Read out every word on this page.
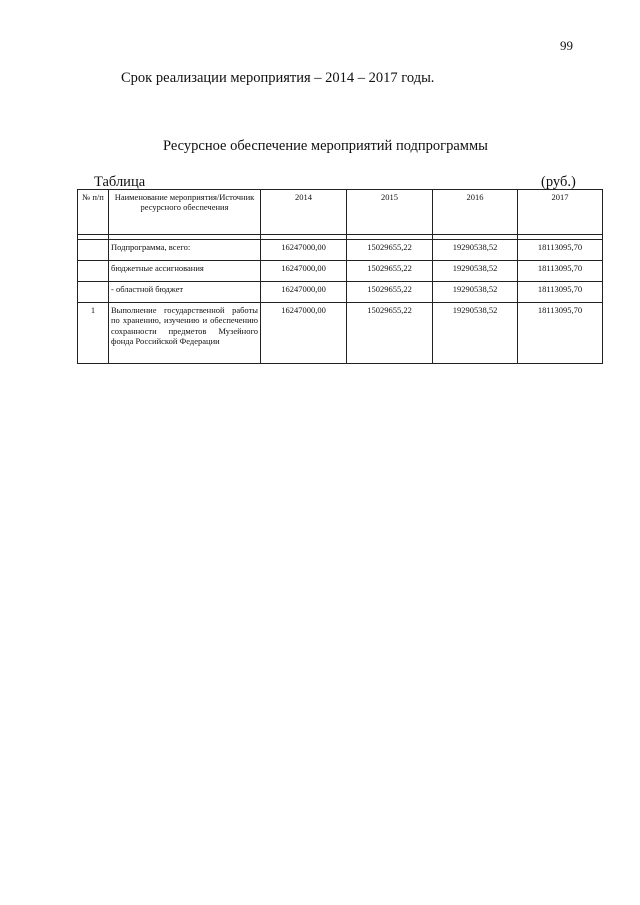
99
Срок реализации мероприятия – 2014 – 2017 годы.
Ресурсное обеспечение мероприятий подпрограммы
Таблица	(руб.)
№ п/п	Наименование мероприятия/Источник ресурсного обеспечения	2014	2015	2016	2017

	Подпрограмма, всего:	16247000,00	15029655,22	19290538,52	18113095,70
	бюджетные ассигнования	16247000,00	15029655,22	19290538,52	18113095,70
	- областной бюджет	16247000,00	15029655,22	19290538,52	18113095,70
1	Выполнение государственной работы по хранению, изучению и обеспечению сохранности предметов Музейного фонда Российской Федерации	16247000,00	15029655,22	19290538,52	18113095,70
